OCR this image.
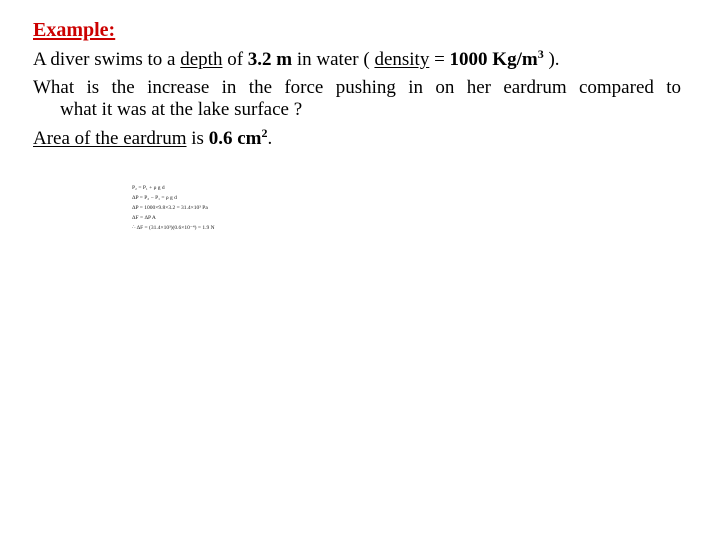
Example:
A diver swims to a depth of 3.2 m in water ( density = 1000 $Kg/m^3$ ).
What is the increase in the force pushing in on her eardrum compared to
what it was at the lake surface ?
Area of the eardrum is 0.6 $cm^2$.
P₂ = P₁ + ρ g d
ΔP = P₂ − P₁ = ρ g d
ΔP = 1000×9.8×3.2 = 31.4×10³ Pa
ΔF = ΔP A
∴ ΔF = (31.4×10³)(0.6×10⁻⁴) = 1.9 N
